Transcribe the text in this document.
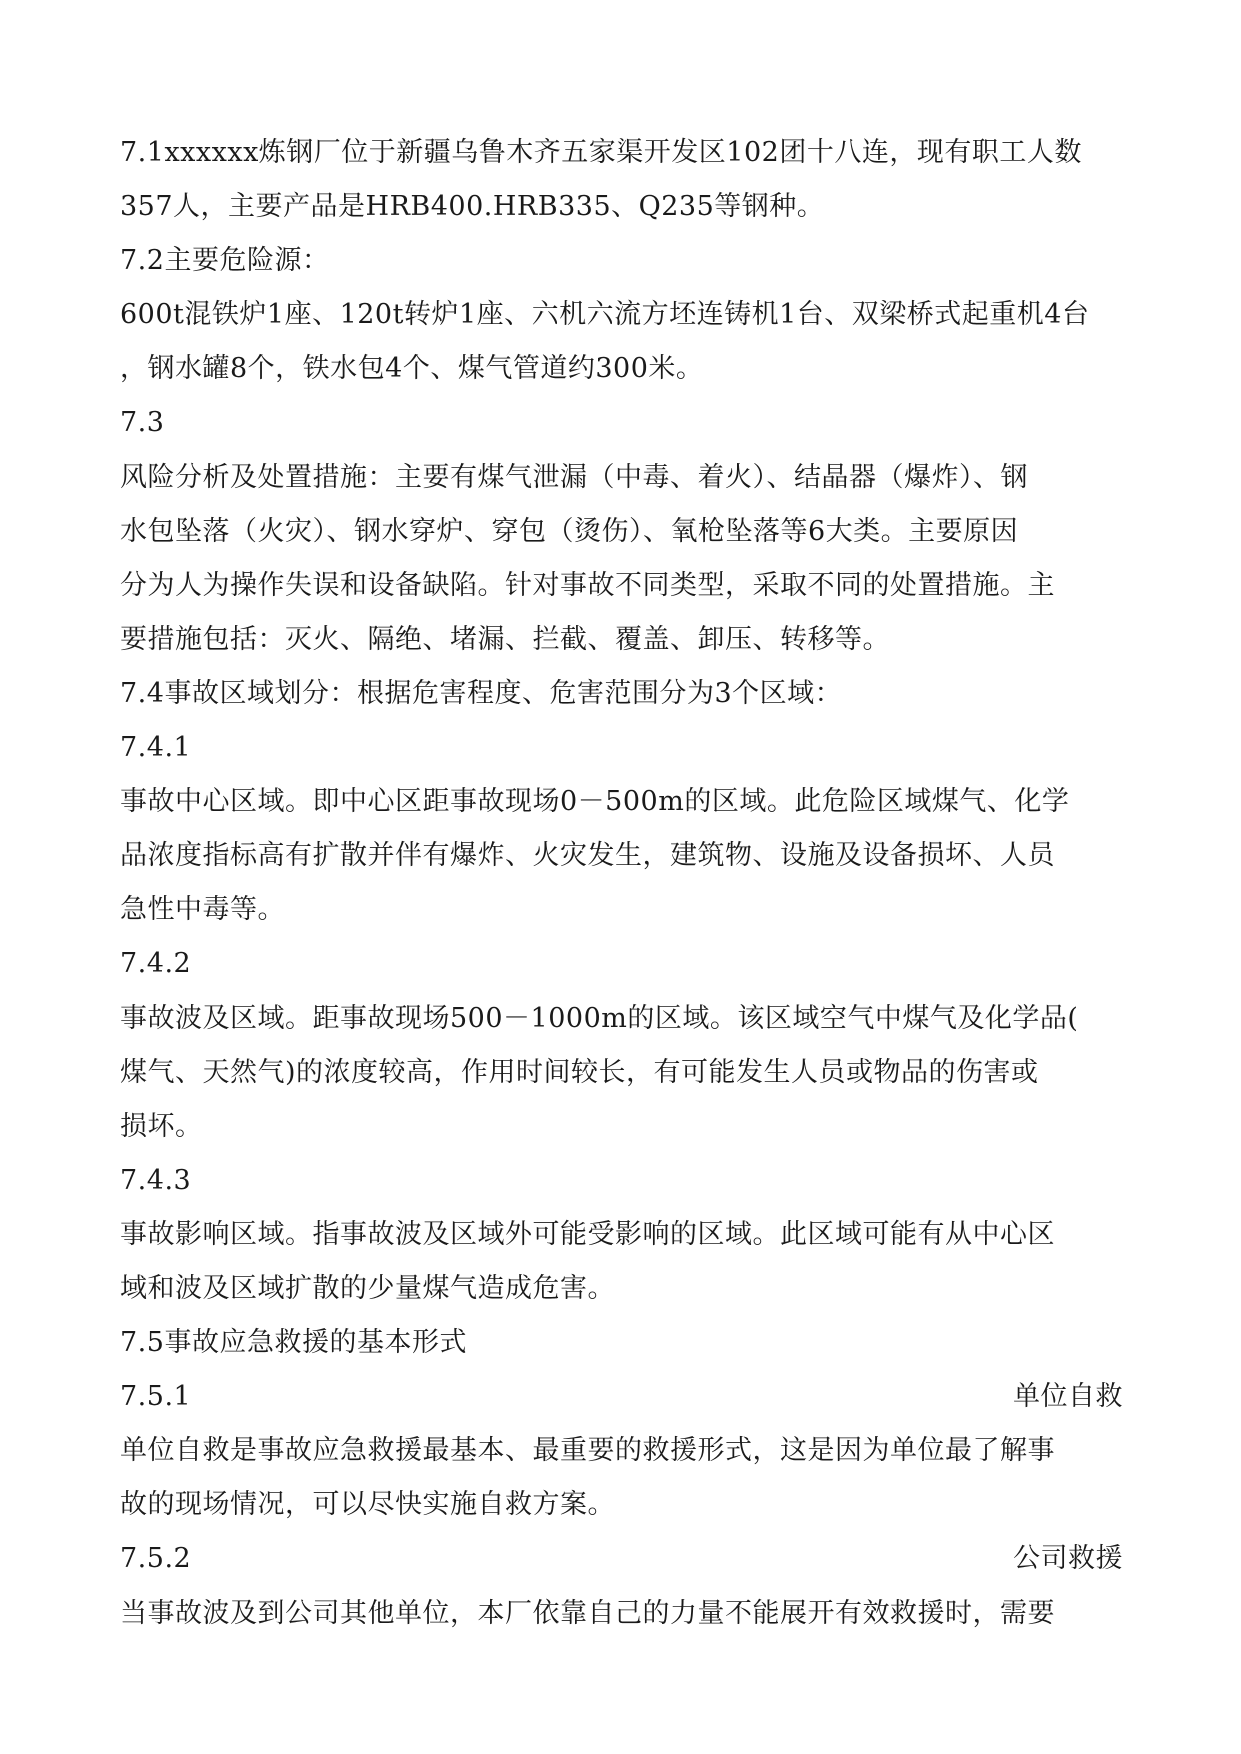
7.1xxxxxx炼钢厂位于新疆乌鲁木齐五家渠开发区102团十八连，现有职工人数
357人，主要产品是HRB400.HRB335、Q235等钢种。
7.2主要危险源：
600t混铁炉1座、120t转炉1座、六机六流方坯连铸机1台、双梁桥式起重机4台
，钢水罐8个，铁水包4个、煤气管道约300米。
7.3
风险分析及处置措施：主要有煤气泄漏（中毒、着火）、结晶器（爆炸）、钢
水包坠落（火灾）、钢水穿炉、穿包（烫伤）、氧枪坠落等6大类。主要原因
分为人为操作失误和设备缺陷。针对事故不同类型，采取不同的处置措施。主
要措施包括：灭火、隔绝、堵漏、拦截、覆盖、卸压、转移等。
7.4事故区域划分：根据危害程度、危害范围分为3个区域：
7.4.1
事故中心区域。即中心区距事故现场0－500m的区域。此危险区域煤气、化学
品浓度指标高有扩散并伴有爆炸、火灾发生，建筑物、设施及设备损坏、人员
急性中毒等。
7.4.2
事故波及区域。距事故现场500－1000m的区域。该区域空气中煤气及化学品(
煤气、天然气)的浓度较高，作用时间较长，有可能发生人员或物品的伤害或
损坏。
7.4.3
事故影响区域。指事故波及区域外可能受影响的区域。此区域可能有从中心区
域和波及区域扩散的少量煤气造成危害。
7.5事故应急救援的基本形式
7.5.1	单位自救
单位自救是事故应急救援最基本、最重要的救援形式，这是因为单位最了解事
故的现场情况，可以尽快实施自救方案。
7.5.2	公司救援
当事故波及到公司其他单位，本厂依靠自己的力量不能展开有效救援时，需要
